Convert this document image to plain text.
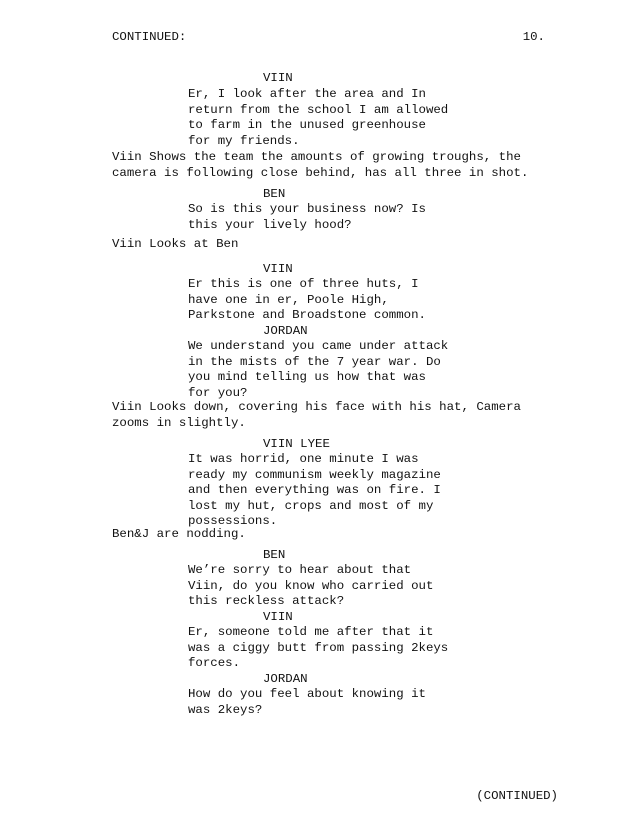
CONTINUED:	10.
VIIN
Er, I look after the area and In
return from the school I am allowed
to farm in the unused greenhouse
for my friends.
Viin Shows the team the amounts of growing troughs, the
camera is following close behind, has all three in shot.
BEN
So is this your business now? Is
this your lively hood?
Viin Looks at Ben
VIIN
Er this is one of three huts, I
have one in er, Poole High,
Parkstone and Broadstone common.
JORDAN
We understand you came under attack
in the mists of the 7 year war. Do
you mind telling us how that was
for you?
Viin Looks down, covering his face with his hat, Camera
zooms in slightly.
VIIN LYEE
It was horrid, one minute I was
ready my communism weekly magazine
and then everything was on fire. I
lost my hut, crops and most of my
possessions.
Ben&J are nodding.
BEN
We’re sorry to hear about that
Viin, do you know who carried out
this reckless attack?
VIIN
Er, someone told me after that it
was a ciggy butt from passing 2keys
forces.
JORDAN
How do you feel about knowing it
was 2keys?
(CONTINUED)
